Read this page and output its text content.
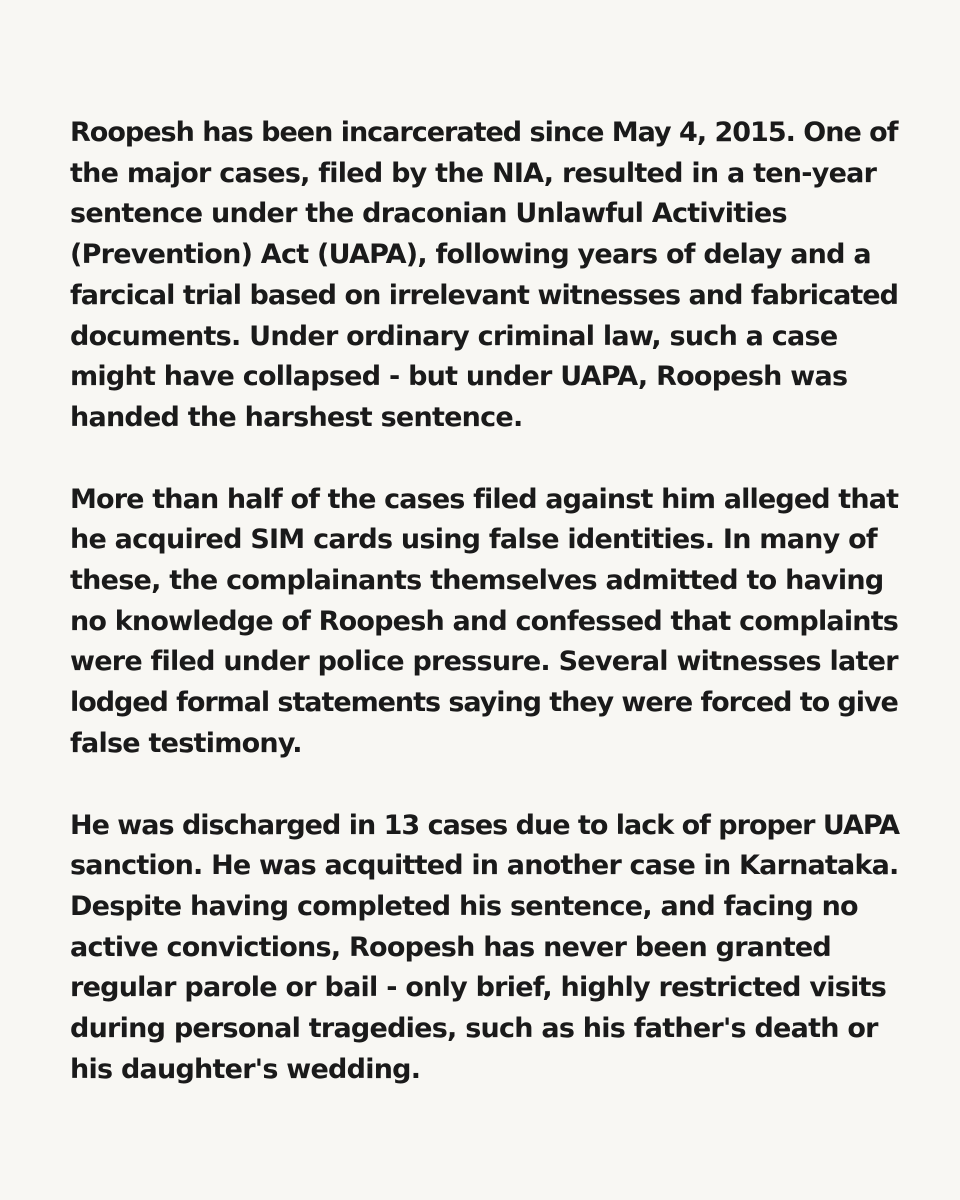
Roopesh has been incarcerated since May 4, 2015. One of
the major cases, filed by the NIA, resulted in a ten-year
sentence under the draconian Unlawful Activities
(Prevention) Act (UAPA), following years of delay and a
farcical trial based on irrelevant witnesses and fabricated
documents. Under ordinary criminal law, such a case
might have collapsed - but under UAPA, Roopesh was
handed the harshest sentence.

More than half of the cases filed against him alleged that
he acquired SIM cards using false identities. In many of
these, the complainants themselves admitted to having
no knowledge of Roopesh and confessed that complaints
were filed under police pressure. Several witnesses later
lodged formal statements saying they were forced to give
false testimony.

He was discharged in 13 cases due to lack of proper UAPA
sanction. He was acquitted in another case in Karnataka.
Despite having completed his sentence, and facing no
active convictions, Roopesh has never been granted
regular parole or bail - only brief, highly restricted visits
during personal tragedies, such as his father's death or
his daughter's wedding.
